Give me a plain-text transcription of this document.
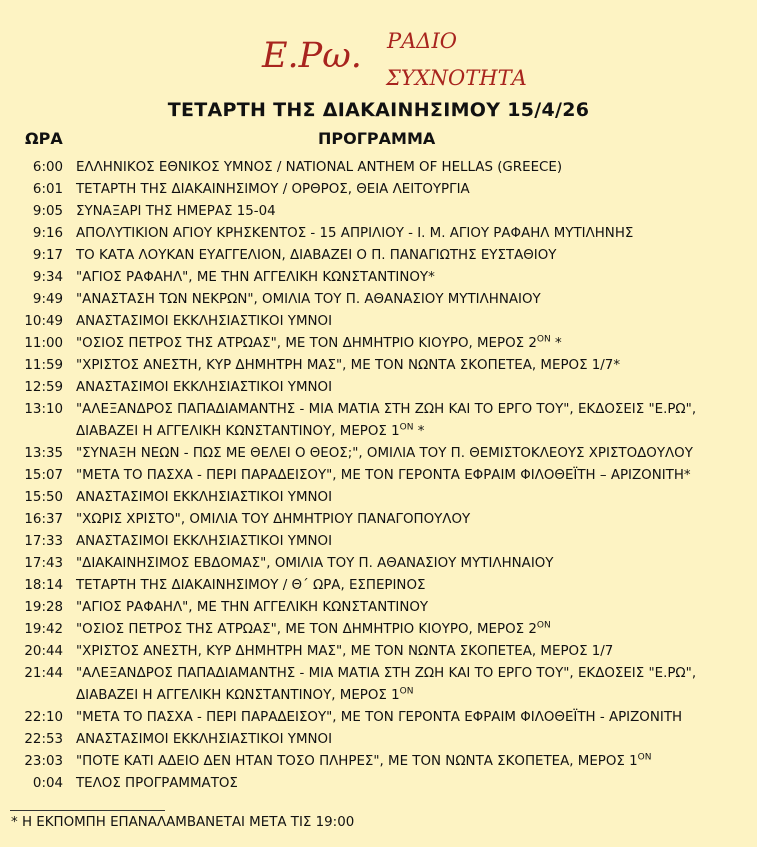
Ε.Ρω. ΡΑΔΙΟ
ΣΥΧΝΟΤΗΤΑ
ΤΕΤΑΡΤΗ ΤΗΣ ΔΙΑΚΑΙΝΗΣΙΜΟΥ 15/4/26
ΩΡΑ	ΠΡΟΓΡΑΜΜΑ
6:00 ΕΛΛΗΝΙΚΟΣ ΕΘΝΙΚΟΣ ΥΜΝΟΣ / NATIONAL ANTHEM OF HELLAS (GREECE)
6:01 ΤΕΤΑΡΤΗ ΤΗΣ ΔΙΑΚΑΙΝΗΣΙΜΟΥ / ΟΡΘΡΟΣ, ΘΕΙΑ ΛΕΙΤΟΥΡΓΙΑ
9:05 ΣΥΝΑΞΑΡΙ ΤΗΣ ΗΜΕΡΑΣ 15-04
9:16 ΑΠΟΛΥΤΙΚΙΟΝ ΑΓΙΟΥ ΚΡΗΣΚΕΝΤΟΣ - 15 ΑΠΡΙΛΙΟΥ - Ι. Μ. ΑΓΙΟΥ ΡΑΦΑΗΛ ΜΥΤΙΛΗΝΗΣ
9:17 ΤΟ ΚΑΤΑ ΛΟΥΚΑΝ ΕΥΑΓΓΕΛΙΟΝ, ΔΙΑΒΑΖΕΙ Ο Π. ΠΑΝΑΓΙΩΤΗΣ ΕΥΣΤΑΘΙΟΥ
9:34 "ΑΓΙΟΣ ΡΑΦΑΗΛ", ΜΕ ΤΗΝ ΑΓΓΕΛΙΚΗ ΚΩΝΣΤΑΝΤΙΝΟΥ*
9:49 "ΑΝΑΣΤΑΣΗ ΤΩΝ ΝΕΚΡΩΝ", ΟΜΙΛΙΑ ΤΟΥ Π. ΑΘΑΝΑΣΙΟΥ ΜΥΤΙΛΗΝΑΙΟΥ
10:49 ΑΝΑΣΤΑΣΙΜΟΙ ΕΚΚΛΗΣΙΑΣΤΙΚΟΙ ΥΜΝΟΙ
11:00 "ΟΣΙΟΣ ΠΕΤΡΟΣ ΤΗΣ ΑΤΡΩΑΣ", ΜΕ ΤΟΝ ΔΗΜΗΤΡΙΟ ΚΙΟΥΡΟ, ΜΕΡΟΣ $2^{ON}$ *
11:59 "ΧΡΙΣΤΟΣ ΑΝΕΣΤΗ, ΚΥΡ ΔΗΜΗΤΡΗ ΜΑΣ", ΜΕ ΤΟΝ ΝΩΝΤΑ ΣΚΟΠΕΤΕΑ, ΜΕΡΟΣ 1/7*
12:59 ΑΝΑΣΤΑΣΙΜΟΙ ΕΚΚΛΗΣΙΑΣΤΙΚΟΙ ΥΜΝΟΙ
13:10 "ΑΛΕΞΑΝΔΡΟΣ ΠΑΠΑΔΙΑΜΑΝΤΗΣ - ΜΙΑ ΜΑΤΙΑ ΣΤΗ ΖΩΗ ΚΑΙ ΤΟ ΕΡΓΟ ΤΟΥ", ΕΚΔΟΣΕΙΣ "Ε.ΡΩ",
ΔΙΑΒΑΖΕΙ Η ΑΓΓΕΛΙΚΗ ΚΩΝΣΤΑΝΤΙΝΟΥ, ΜΕΡΟΣ $1^{ON}$ *
13:35 "ΣΥΝΑΞΗ ΝΕΩΝ - ΠΩΣ ΜΕ ΘΕΛΕΙ Ο ΘΕΟΣ;", ΟΜΙΛΙΑ ΤΟΥ Π. ΘΕΜΙΣΤΟΚΛΕΟΥΣ ΧΡΙΣΤΟΔΟΥΛΟΥ
15:07 "ΜΕΤΑ ΤΟ ΠΑΣΧΑ - ΠΕΡΙ ΠΑΡΑΔΕΙΣΟΥ", ΜΕ ΤΟΝ ΓΕΡΟΝΤΑ ΕΦΡΑΙΜ ΦΙΛΟΘΕΪΤΗ – ΑΡΙΖΟΝΙΤΗ*
15:50 ΑΝΑΣΤΑΣΙΜΟΙ ΕΚΚΛΗΣΙΑΣΤΙΚΟΙ ΥΜΝΟΙ
16:37 "ΧΩΡΙΣ ΧΡΙΣΤΟ", ΟΜΙΛΙΑ ΤΟΥ ΔΗΜΗΤΡΙΟΥ ΠΑΝΑΓΟΠΟΥΛΟΥ
17:33 ΑΝΑΣΤΑΣΙΜΟΙ ΕΚΚΛΗΣΙΑΣΤΙΚΟΙ ΥΜΝΟΙ
17:43 "ΔΙΑΚΑΙΝΗΣΙΜΟΣ ΕΒΔΟΜΑΣ", ΟΜΙΛΙΑ ΤΟΥ Π. ΑΘΑΝΑΣΙΟΥ ΜΥΤΙΛΗΝΑΙΟΥ
18:14 ΤΕΤΑΡΤΗ ΤΗΣ ΔΙΑΚΑΙΝΗΣΙΜΟΥ / Θ΄ ΩΡΑ, ΕΣΠΕΡΙΝΟΣ
19:28 "ΑΓΙΟΣ ΡΑΦΑΗΛ", ΜΕ ΤΗΝ ΑΓΓΕΛΙΚΗ ΚΩΝΣΤΑΝΤΙΝΟΥ
19:42 "ΟΣΙΟΣ ΠΕΤΡΟΣ ΤΗΣ ΑΤΡΩΑΣ", ΜΕ ΤΟΝ ΔΗΜΗΤΡΙΟ ΚΙΟΥΡΟ, ΜΕΡΟΣ $2^{ON}$
20:44 "ΧΡΙΣΤΟΣ ΑΝΕΣΤΗ, ΚΥΡ ΔΗΜΗΤΡΗ ΜΑΣ", ΜΕ ΤΟΝ ΝΩΝΤΑ ΣΚΟΠΕΤΕΑ, ΜΕΡΟΣ 1/7
21:44 "ΑΛΕΞΑΝΔΡΟΣ ΠΑΠΑΔΙΑΜΑΝΤΗΣ - ΜΙΑ ΜΑΤΙΑ ΣΤΗ ΖΩΗ ΚΑΙ ΤΟ ΕΡΓΟ ΤΟΥ", ΕΚΔΟΣΕΙΣ "Ε.ΡΩ",
ΔΙΑΒΑΖΕΙ Η ΑΓΓΕΛΙΚΗ ΚΩΝΣΤΑΝΤΙΝΟΥ, ΜΕΡΟΣ $1^{ON}$
22:10 "ΜΕΤΑ ΤΟ ΠΑΣΧΑ - ΠΕΡΙ ΠΑΡΑΔΕΙΣΟΥ", ΜΕ ΤΟΝ ΓΕΡΟΝΤΑ ΕΦΡΑΙΜ ΦΙΛΟΘΕΪΤΗ - ΑΡΙΖΟΝΙΤΗ
22:53 ΑΝΑΣΤΑΣΙΜΟΙ ΕΚΚΛΗΣΙΑΣΤΙΚΟΙ ΥΜΝΟΙ
23:03 "ΠΟΤΕ ΚΑΤΙ ΑΔΕΙΟ ΔΕΝ ΗΤΑΝ ΤΟΣΟ ΠΛΗΡΕΣ", ΜΕ ΤΟΝ ΝΩΝΤΑ ΣΚΟΠΕΤΕΑ, ΜΕΡΟΣ $1^{ON}$
0:04 ΤΕΛΟΣ ΠΡΟΓΡΑΜΜΑΤΟΣ
* Η ΕΚΠΟΜΠΗ ΕΠΑΝΑΛΑΜΒΑΝΕΤΑΙ ΜΕΤΑ ΤΙΣ 19:00
